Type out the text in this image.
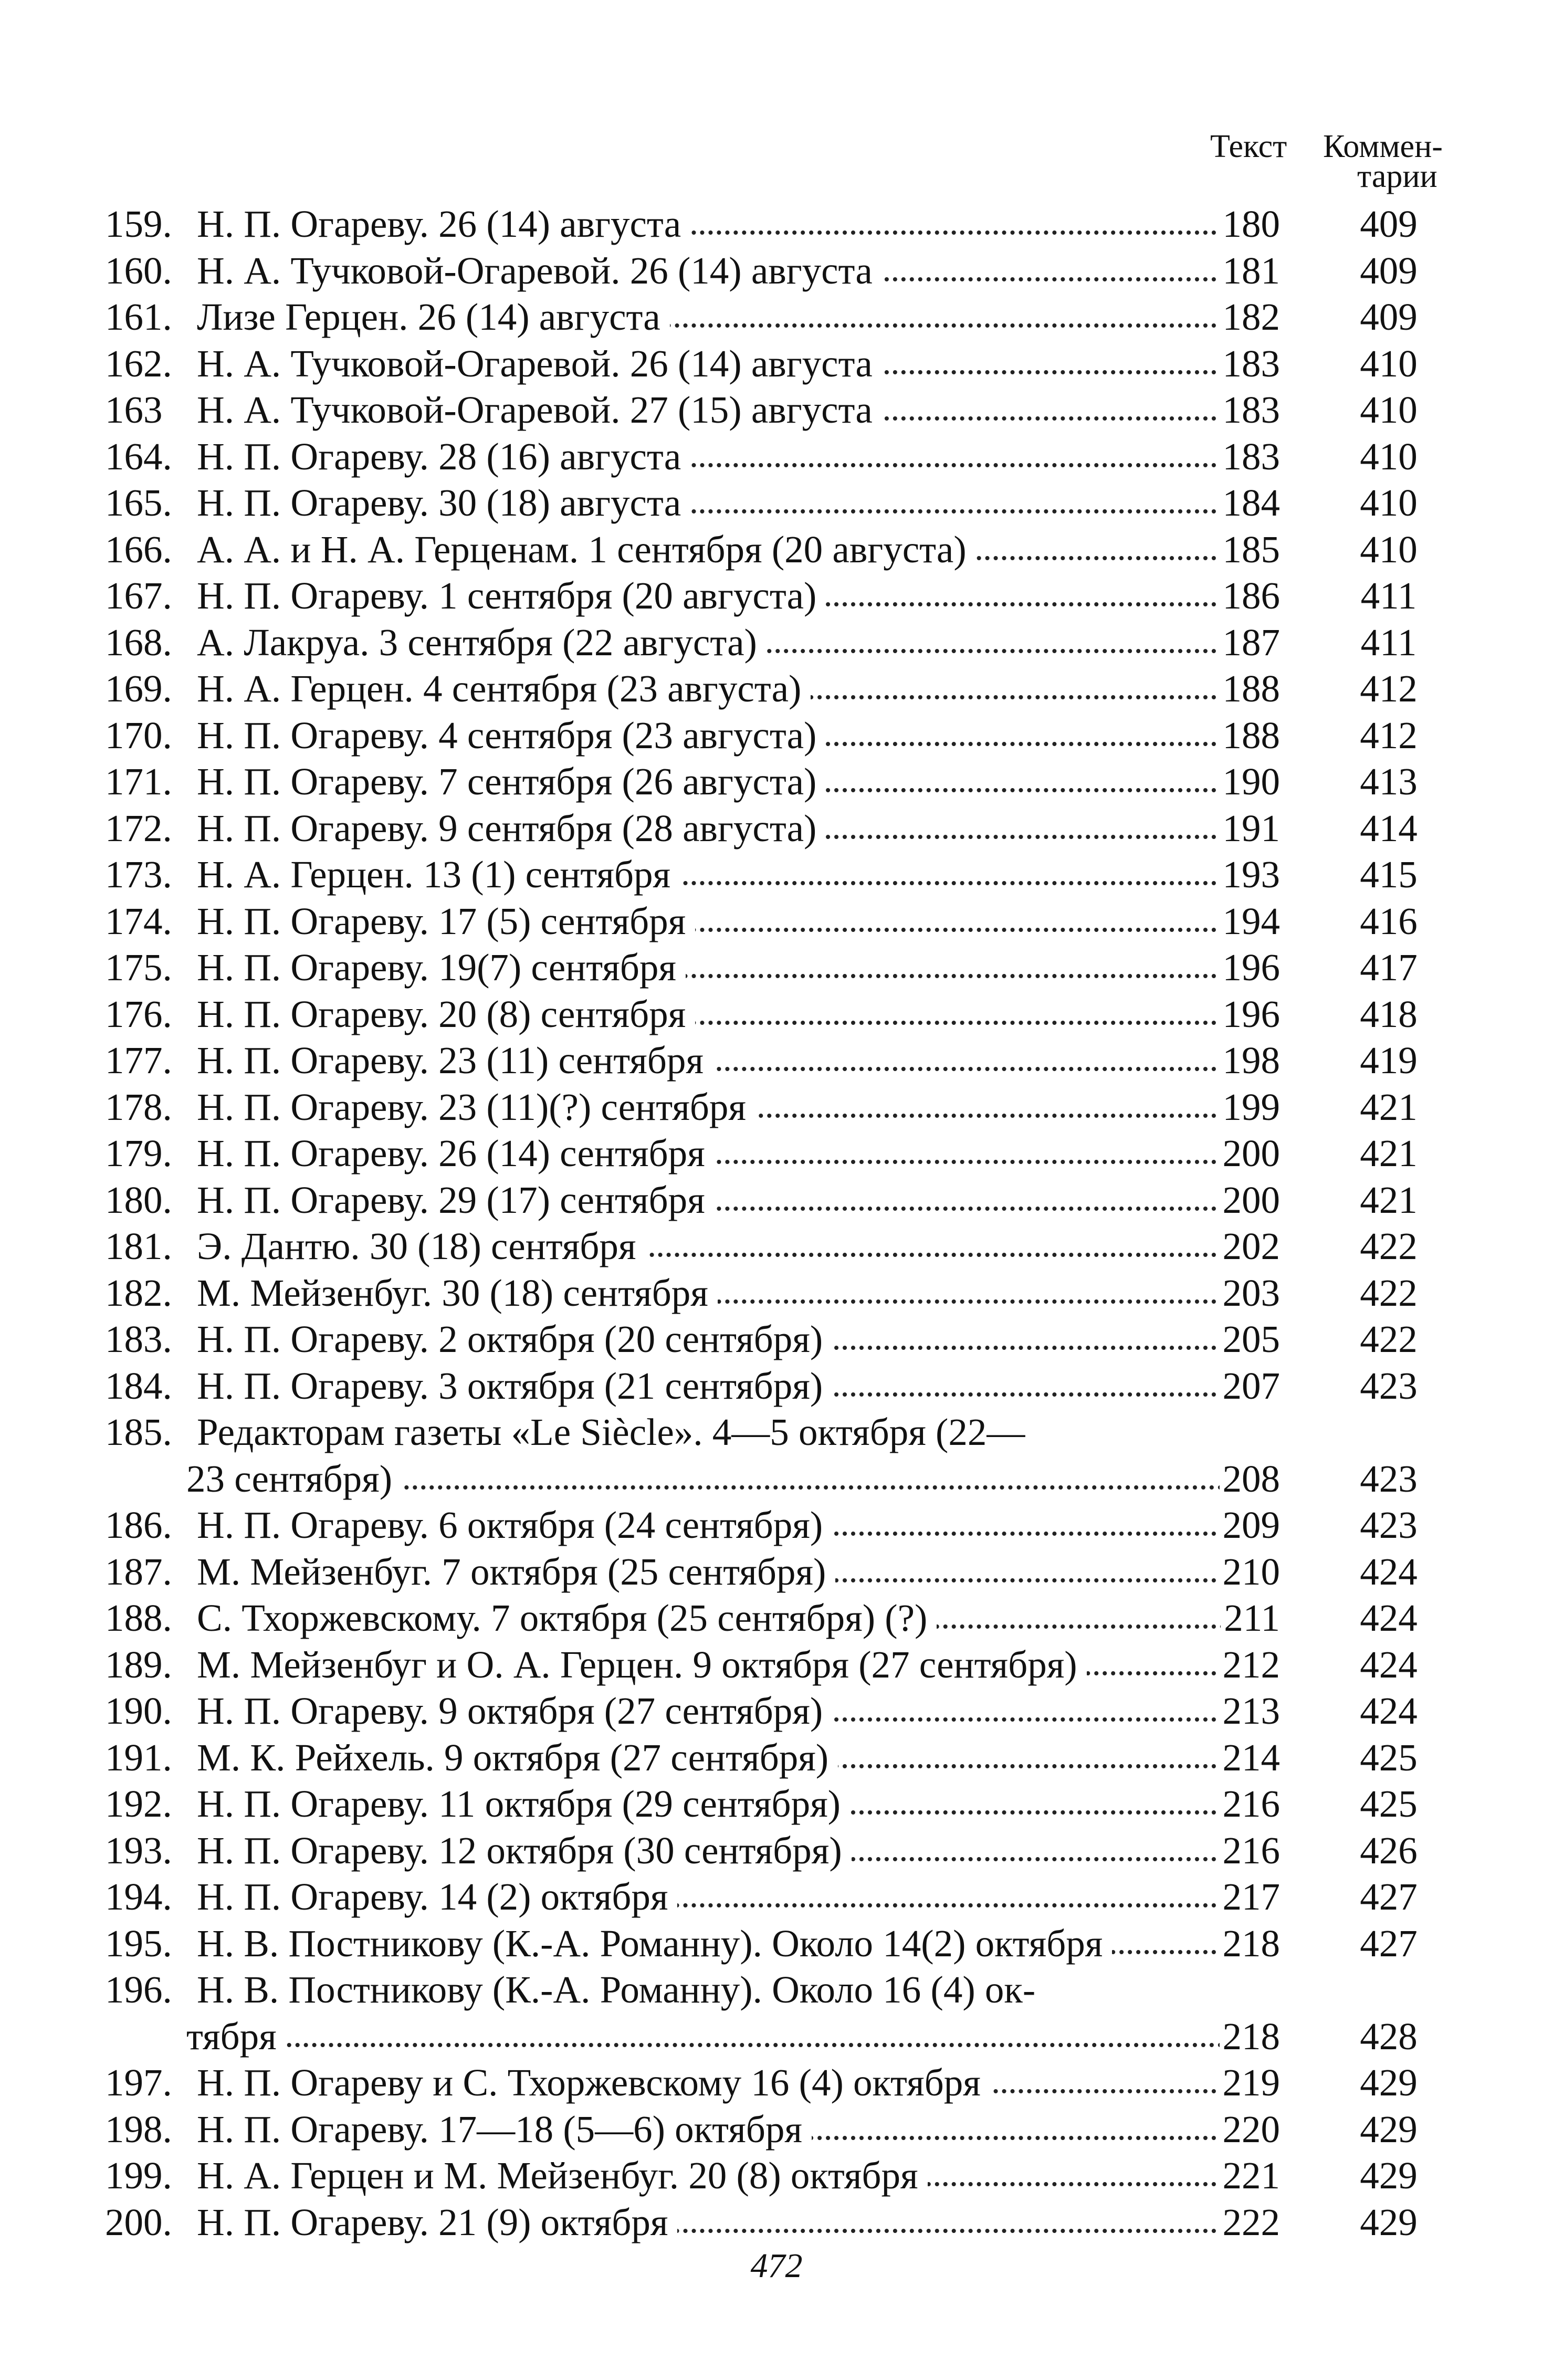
Текст Коммен-
тарии
159. Н. П. Огареву. 26 (14) августа	180 409
160. Н. А. Тучковой-Огаревой. 26 (14) августа	181 409
161. Лизе Герцен. 26 (14) августа	182 409
162. Н. А. Тучковой-Огаревой. 26 (14) августа	183 410
163 Н. А. Тучковой-Огаревой. 27 (15) августа	183 410
164. Н. П. Огареву. 28 (16) августа	183 410
165. Н. П. Огареву. 30 (18) августа	184 410
166. А. А. и Н. А. Герценам. 1 сентября (20 августа)	185 410
167. Н. П. Огареву. 1 сентября (20 августа)	186 411
168. А. Лакруа. 3 сентября (22 августа)	187 411
169. Н. А. Герцен. 4 сентября (23 августа)	188 412
170. Н. П. Огареву. 4 сентября (23 августа)	188 412
171. Н. П. Огареву. 7 сентября (26 августа)	190 413
172. Н. П. Огареву. 9 сентября (28 августа)	191 414
173. Н. А. Герцен. 13 (1) сентября	193 415
174. Н. П. Огареву. 17 (5) сентября	194 416
175. Н. П. Огареву. 19(7) сентября	196 417
176. Н. П. Огареву. 20 (8) сентября	196 418
177. Н. П. Огареву. 23 (11) сентября	198 419
178. Н. П. Огареву. 23 (11)(?) сентября	199 421
179. Н. П. Огареву. 26 (14) сентября	200 421
180. Н. П. Огареву. 29 (17) сентября	200 421
181. Э. Дантю. 30 (18) сентября	202 422
182. М. Мейзенбуг. 30 (18) сентября	203 422
183. Н. П. Огареву. 2 октября (20 сентября)	205 422
184. Н. П. Огареву. 3 октября (21 сентября)	207 423
185. Редакторам газеты «Le Siècle». 4—5 октября (22—
23 сентября)	208 423
186. Н. П. Огареву. 6 октября (24 сентября)	209 423
187. М. Мейзенбуг. 7 октября (25 сентября)	210 424
188. С. Тхоржевскому. 7 октября (25 сентября) (?)	211 424
189. М. Мейзенбуг и О. А. Герцен. 9 октября (27 сентября)	212 424
190. Н. П. Огареву. 9 октября (27 сентября)	213 424
191. М. К. Рейхель. 9 октября (27 сентября)	214 425
192. Н. П. Огареву. 11 октября (29 сентября)	216 425
193. Н. П. Огареву. 12 октября (30 сентября)	216 426
194. Н. П. Огареву. 14 (2) октября	217 427
195. Н. В. Постникову (К.-А. Романну). Около 14(2) октября	218 427
196. Н. В. Постникову (К.-А. Романну). Около 16 (4) ок-
тября	218 428
197. Н. П. Огареву и С. Тхоржевскому 16 (4) октября	219 429
198. Н. П. Огареву. 17—18 (5—6) октября	220 429
199. Н. А. Герцен и М. Мейзенбуг. 20 (8) октября	221 429
200. Н. П. Огареву. 21 (9) октября	222 429
472
